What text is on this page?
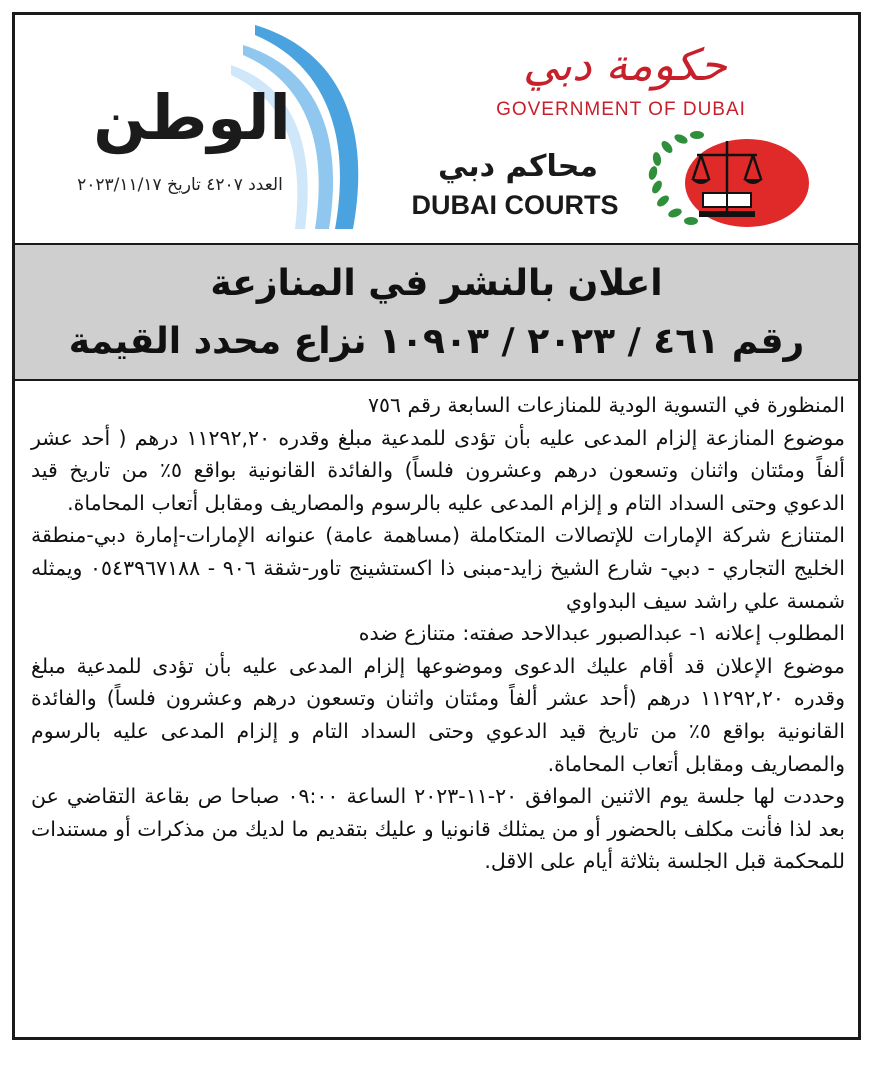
الوطن
العدد ٤٢٠٧ تاريخ ٢٠٢٣/١١/١٧
حكومة دبي
GOVERNMENT OF DUBAI
محاكم دبي
DUBAI COURTS
اعلان بالنشر في المنازعة
رقم ٤٦١ / ٢٠٢٣ / ١٠٩٠٣ نزاع محدد القيمة

المنظورة في التسوية الودية للمنازعات السابعة رقم ٧٥٦

موضوع المنازعة إلزام المدعى عليه بأن تؤدى للمدعية مبلغ وقدره ١١٢٩٢,٢٠ درهم ( أحد عشر ألفاً ومئتان واثنان وتسعون درهم وعشرون فلساً) والفائدة القانونية بواقع ٥٪ من تاريخ قيد الدعوي وحتى السداد التام و إلزام المدعى عليه بالرسوم والمصاريف ومقابل أتعاب المحاماة.

المتنازع شركة الإمارات للإتصالات المتكاملة (مساهمة عامة) عنوانه الإمارات-إمارة دبي-منطقة الخليج التجاري - دبي- شارع الشيخ زايد-مبنى ذا اكستشينج تاور-شقة ٩٠٦ - ٠٥٤٣٩٦٧١٨٨ ويمثله شمسة علي راشد سيف البدواوي

المطلوب إعلانه ١- عبدالصبور عبدالاحد صفته: متنازع ضده

موضوع الإعلان قد أقام عليك الدعوى وموضوعها إلزام المدعى عليه بأن تؤدى للمدعية مبلغ وقدره ١١٢٩٢,٢٠ درهم (أحد عشر ألفاً ومئتان واثنان وتسعون درهم وعشرون فلساً) والفائدة القانونية بواقع ٥٪ من تاريخ قيد الدعوي وحتى السداد التام و إلزام المدعى عليه بالرسوم والمصاريف ومقابل أتعاب المحاماة.

وحددت لها جلسة يوم الاثنين الموافق ٢٠-١١-٢٠٢٣ الساعة ٠٩:٠٠ صباحا ص بقاعة التقاضي عن بعد لذا فأنت مكلف بالحضور أو من يمثلك قانونيا و عليك بتقديم ما لديك من مذكرات أو مستندات للمحكمة قبل الجلسة بثلاثة أيام على الاقل.
